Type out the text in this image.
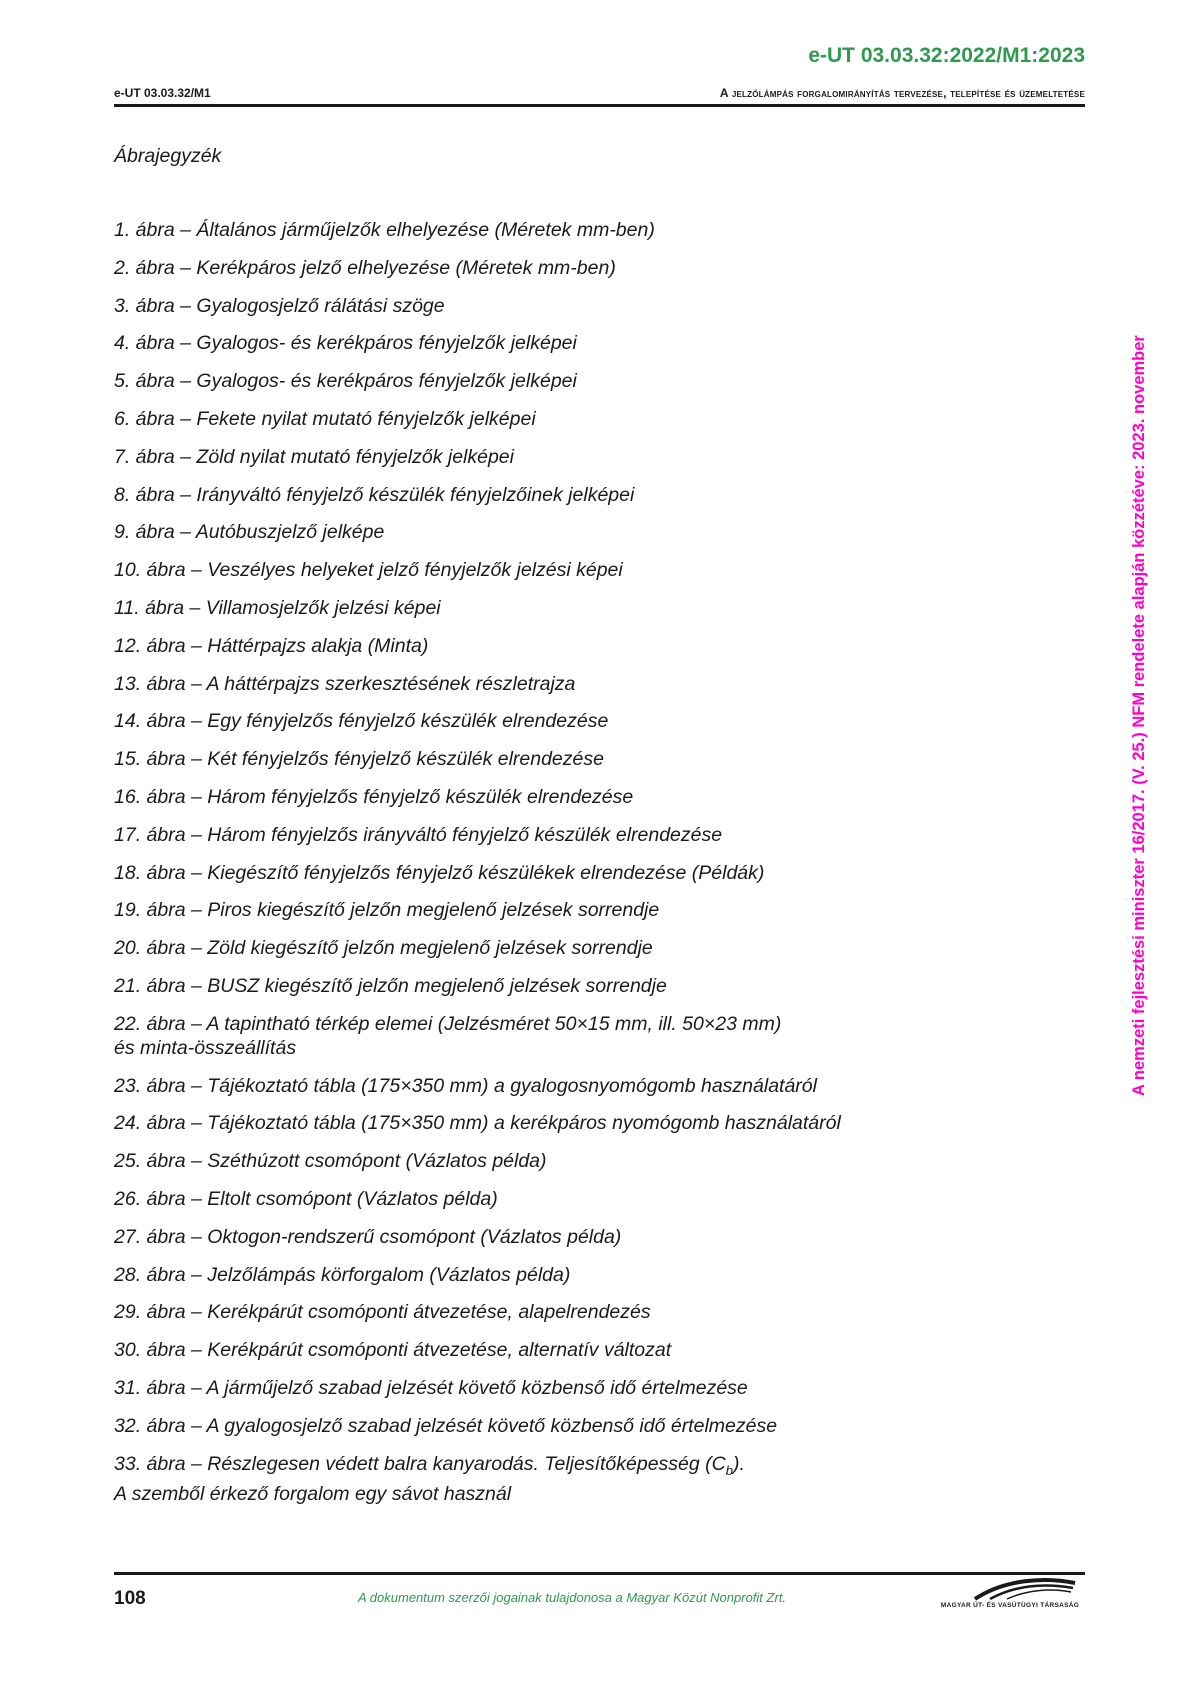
e-UT 03.03.32:2022/M1:2023
e-UT 03.03.32/M1	A jelzőlámpás forgalomirányítás tervezése, telepítése és üzemeltetése
A nemzeti fejlesztési miniszter 16/2017. (V. 25.) NFM rendelete alapján közzétéve: 2023. november
Ábrajegyzék
1. ábra – Általános járműjelzők elhelyezése (Méretek mm-ben)
2. ábra – Kerékpáros jelző elhelyezése (Méretek mm-ben)
3. ábra – Gyalogosjelző rálátási szöge
4. ábra – Gyalogos- és kerékpáros fényjelzők jelképei
5. ábra – Gyalogos- és kerékpáros fényjelzők jelképei
6. ábra – Fekete nyilat mutató fényjelzők jelképei
7. ábra – Zöld nyilat mutató fényjelzők jelképei
8. ábra – Irányváltó fényjelző készülék fényjelzőinek jelképei
9. ábra – Autóbuszjelző jelképe
10. ábra – Veszélyes helyeket jelző fényjelzők jelzési képei
11. ábra – Villamosjelzők jelzési képei
12. ábra – Háttérpajzs alakja (Minta)
13. ábra – A háttérpajzs szerkesztésének részletrajza
14. ábra – Egy fényjelzős fényjelző készülék elrendezése
15. ábra – Két fényjelzős fényjelző készülék elrendezése
16. ábra – Három fényjelzős fényjelző készülék elrendezése
17. ábra – Három fényjelzős irányváltó fényjelző készülék elrendezése
18. ábra – Kiegészítő fényjelzős fényjelző készülékek elrendezése (Példák)
19. ábra – Piros kiegészítő jelzőn megjelenő jelzések sorrendje
20. ábra – Zöld kiegészítő jelzőn megjelenő jelzések sorrendje
21. ábra – BUSZ kiegészítő jelzőn megjelenő jelzések sorrendje
22. ábra – A tapintható térkép elemei (Jelzésméret 50×15 mm, ill. 50×23 mm)
és minta-összeállítás
23. ábra – Tájékoztató tábla (175×350 mm) a gyalogosnyomógomb használatáról
24. ábra – Tájékoztató tábla (175×350 mm) a kerékpáros nyomógomb használatáról
25. ábra – Széthúzott csomópont (Vázlatos példa)
26. ábra – Eltolt csomópont (Vázlatos példa)
27. ábra – Oktogon-rendszerű csomópont (Vázlatos példa)
28. ábra – Jelzőlámpás körforgalom (Vázlatos példa)
29. ábra – Kerékpárút csomóponti átvezetése, alapelrendezés
30. ábra – Kerékpárút csomóponti átvezetése, alternatív változat
31. ábra – A járműjelző szabad jelzését követő közbenső idő értelmezése
32. ábra – A gyalogosjelző szabad jelzését követő közbenső idő értelmezése
33. ábra – Részlegesen védett balra kanyarodás. Teljesítőképesség $(C_b)$.
A szemből érkező forgalom egy sávot használ
108	A dokumentum szerzői jogainak tulajdonosa a Magyar Közút Nonprofit Zrt.
MAGYAR ÚT- ÉS VASÚTÜGYI TÁRSASÁG
